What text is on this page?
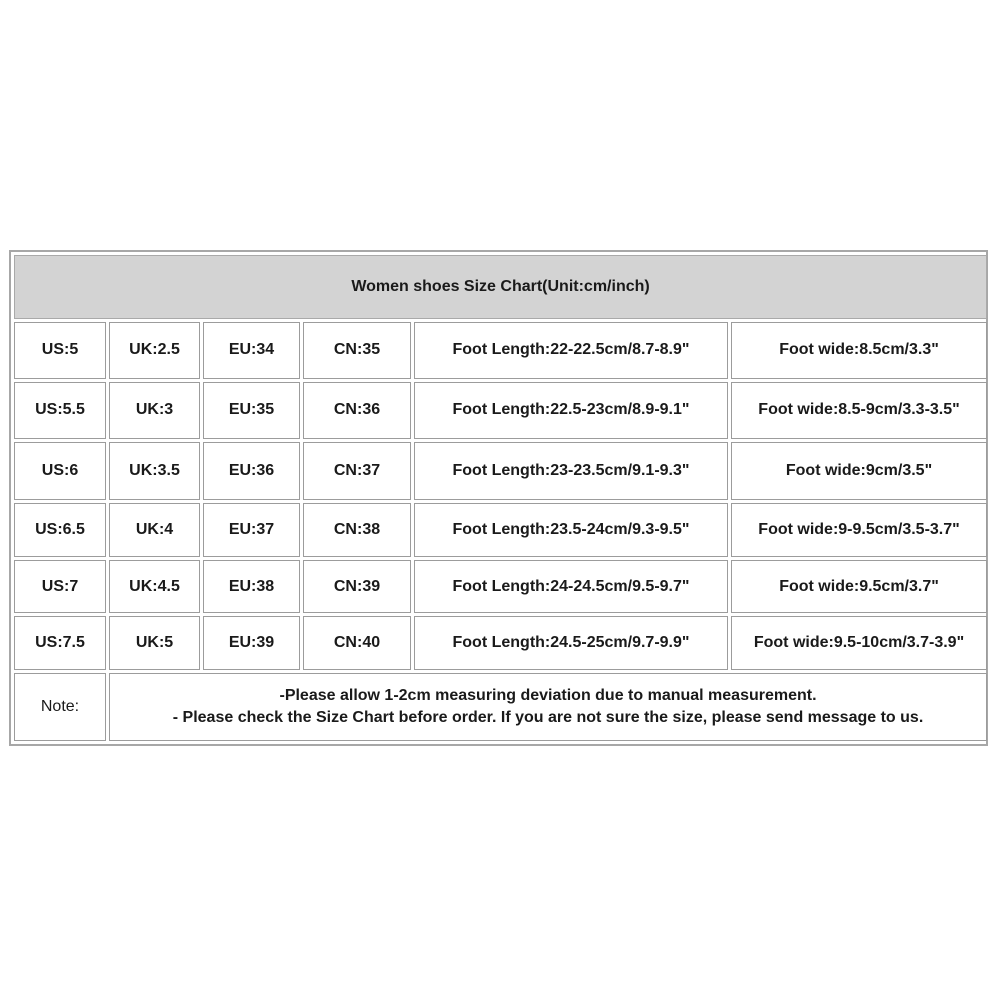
Women shoes Size Chart(Unit:cm/inch)					
US:5	UK:2.5	EU:34	CN:35	Foot Length:22-22.5cm/8.7-8.9"	Foot wide:8.5cm/3.3"
US:5.5	UK:3	EU:35	CN:36	Foot Length:22.5-23cm/8.9-9.1"	Foot wide:8.5-9cm/3.3-3.5"
US:6	UK:3.5	EU:36	CN:37	Foot Length:23-23.5cm/9.1-9.3"	Foot wide:9cm/3.5"
US:6.5	UK:4	EU:37	CN:38	Foot Length:23.5-24cm/9.3-9.5"	Foot wide:9-9.5cm/3.5-3.7"
US:7	UK:4.5	EU:38	CN:39	Foot Length:24-24.5cm/9.5-9.7"	Foot wide:9.5cm/3.7"
US:7.5	UK:5	EU:39	CN:40	Foot Length:24.5-25cm/9.7-9.9"	Foot wide:9.5-10cm/3.7-3.9"
Note:	-Please allow 1-2cm measuring deviation due to manual measurement.
- Please check the Size Chart before order. If you are not sure the size, please send message to us.				
